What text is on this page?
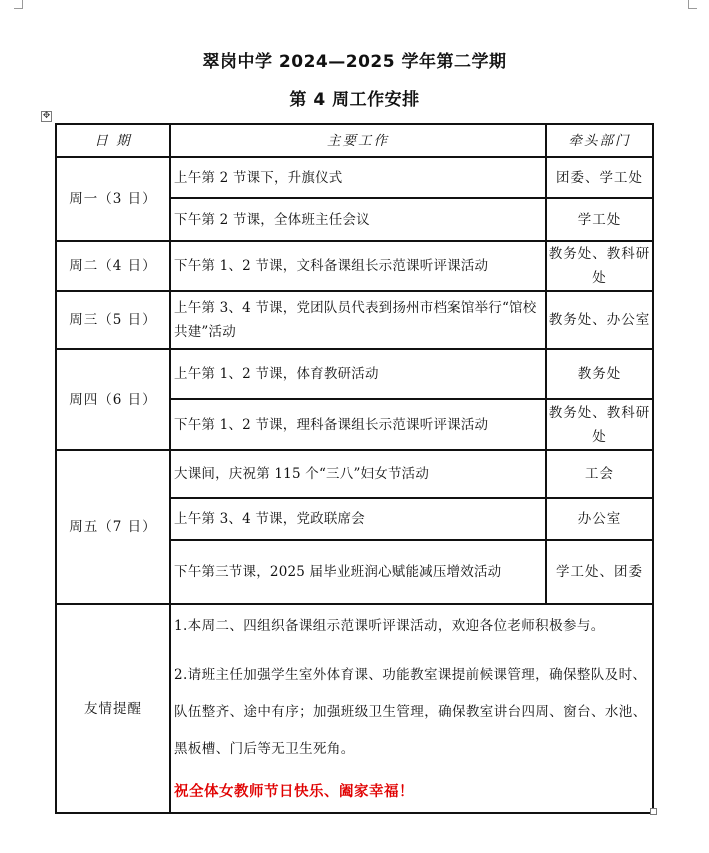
翠岗中学 2024—2025 学年第二学期
第 4 周工作安排
✥
日 期	主要工作	牵头部门
周一（3 日）	上午第 2 节课下，升旗仪式	团委、学工处
	下午第 2 节课，全体班主任会议	学工处
周二（4 日）	下午第 1、2 节课，文科备课组长示范课听评课活动	教务处、教科研处
周三（5 日）	上午第 3、4 节课，党团队员代表到扬州市档案馆举行“馆校共建”活动	教务处、办公室
周四（6 日）	上午第 1、2 节课，体育教研活动	教务处
	下午第 1、2 节课，理科备课组长示范课听评课活动	教务处、教科研处
周五（7 日）	大课间，庆祝第 115 个“三八”妇女节活动	工会
	上午第 3、4 节课，党政联席会	办公室
	下午第三节课，2025 届毕业班润心赋能减压增效活动	学工处、团委
友情提醒	1.本周二、四组织备课组示范课听评课活动，欢迎各位老师积极参与。

2.请班主任加强学生室外体育课、功能教室课提前候课管理，确保整队及时、队伍整齐、途中有序；加强班级卫生管理，确保教室讲台四周、窗台、水池、黑板槽、门后等无卫生死角。

祝全体女教师节日快乐、阖家幸福！	
